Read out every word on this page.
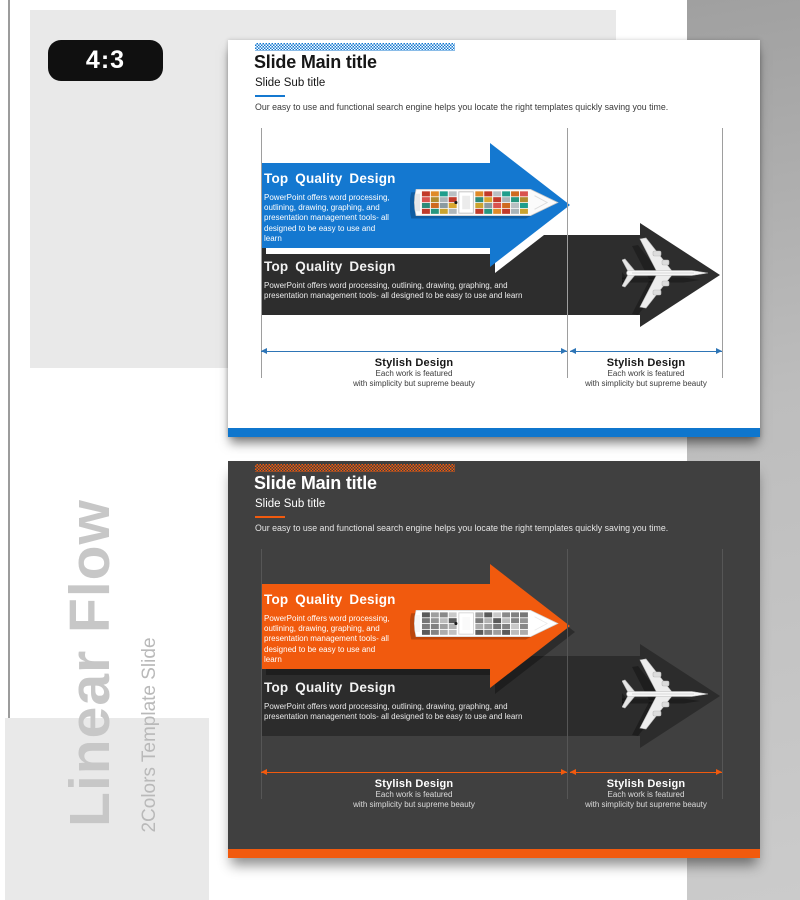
4:3
Linear Flow 2Colors Template Slide
Slide Main title
Slide Sub title

Our easy to use and functional search engine helps you locate the right templates quickly saving you time.

Top Quality Design

PowerPoint offers word processing, outlining, drawing, graphing, and presentation management tools- all designed to be easy to use and learn

Top Quality Design

PowerPoint offers word processing, outlining, drawing, graphing, and presentation management tools- all designed to be easy to use and learn

Stylish Design
Each work is featured
with simplicity but supreme beauty
Stylish Design
Each work is featured
with simplicity but supreme beauty
Slide Main title
Slide Sub title

Our easy to use and functional search engine helps you locate the right templates quickly saving you time.

Top Quality Design

PowerPoint offers word processing, outlining, drawing, graphing, and presentation management tools- all designed to be easy to use and learn

Top Quality Design

PowerPoint offers word processing, outlining, drawing, graphing, and presentation management tools- all designed to be easy to use and learn

Stylish Design
Each work is featured
with simplicity but supreme beauty
Stylish Design
Each work is featured
with simplicity but supreme beauty
